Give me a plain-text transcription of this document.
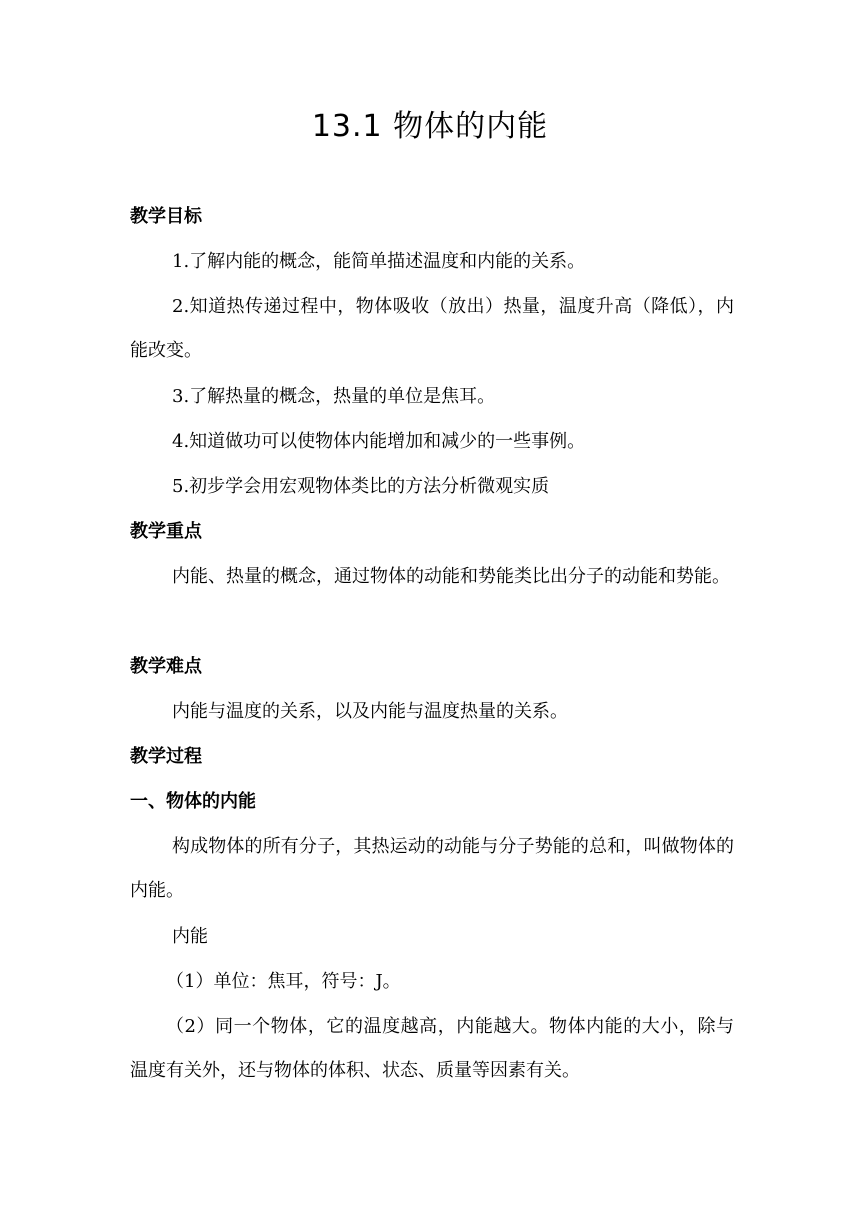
13.1 物体的内能
教学目标
1.了解内能的概念，能简单描述温度和内能的关系。
2.知道热传递过程中，物体吸收（放出）热量，温度升高（降低），内能改变。
3.了解热量的概念，热量的单位是焦耳。
4.知道做功可以使物体内能增加和减少的一些事例。
5.初步学会用宏观物体类比的方法分析微观实质
教学重点
内能、热量的概念，通过物体的动能和势能类比出分子的动能和势能。
教学难点
内能与温度的关系，以及内能与温度热量的关系。
教学过程
一、物体的内能
构成物体的所有分子，其热运动的动能与分子势能的总和，叫做物体的内能。
内能
（1）单位：焦耳，符号：J。
（2）同一个物体，它的温度越高，内能越大。物体内能的大小，除与温度有关外，还与物体的体积、状态、质量等因素有关。
